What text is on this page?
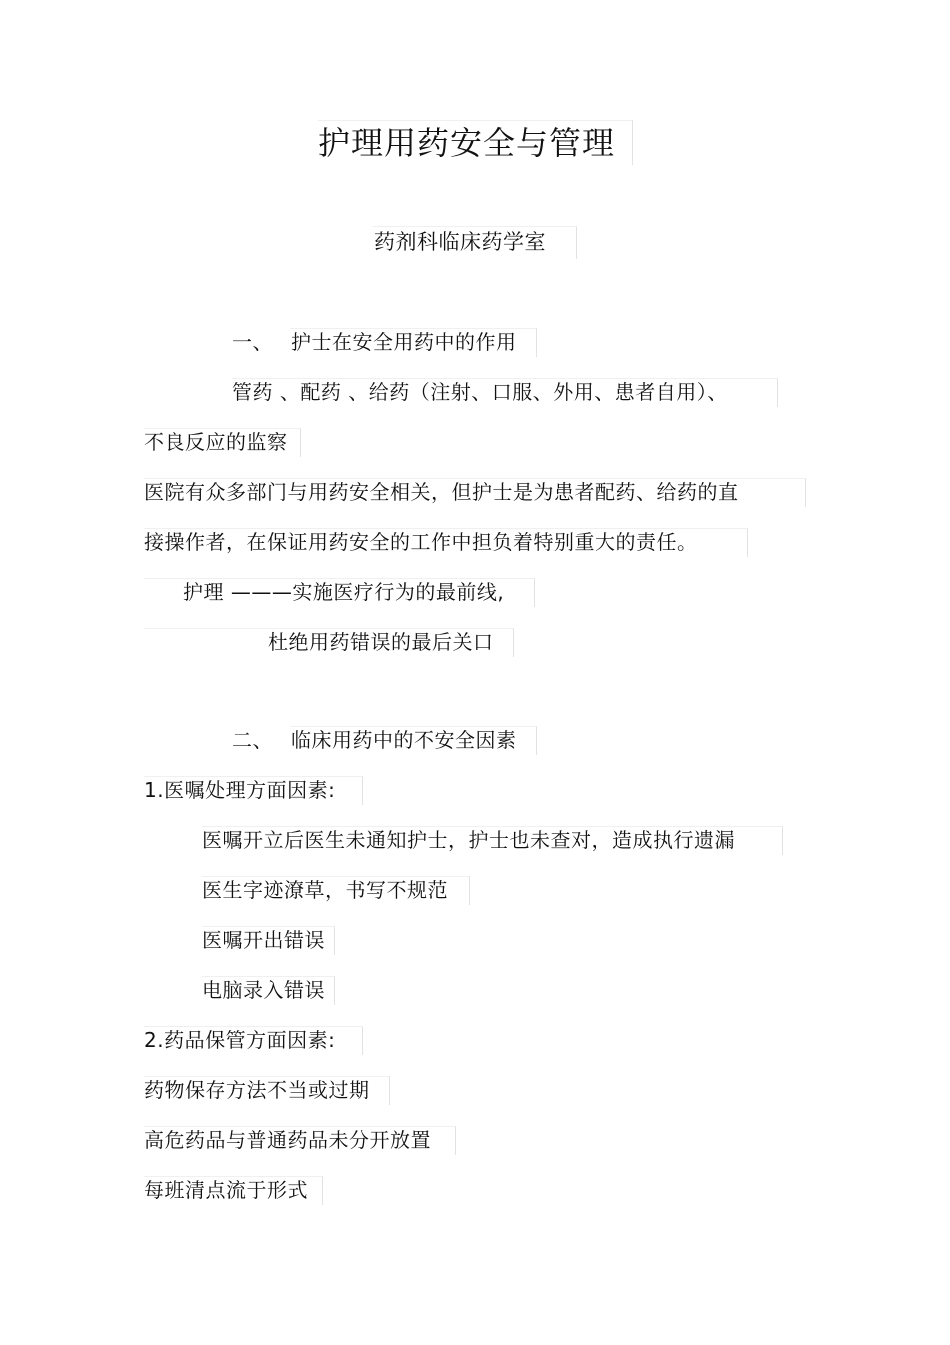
护理用药安全与管理
药剂科临床药学室
一、 护士在安全用药中的作用
管药 、配药 、给药（注射、口服、外用、患者自用）、
不良反应的监察
医院有众多部门与用药安全相关，但护士是为患者配药、给药的直
接操作者，在保证用药安全的工作中担负着特别重大的责任。
护理 ———实施医疗行为的最前线,
杜绝用药错误的最后关口
二、 临床用药中的不安全因素
1.医嘱处理方面因素:
医嘱开立后医生未通知护士，护士也未查对，造成执行遗漏
医生字迹潦草，书写不规范
医嘱开出错误
电脑录入错误
2.药品保管方面因素:
药物保存方法不当或过期
高危药品与普通药品未分开放置
每班清点流于形式
